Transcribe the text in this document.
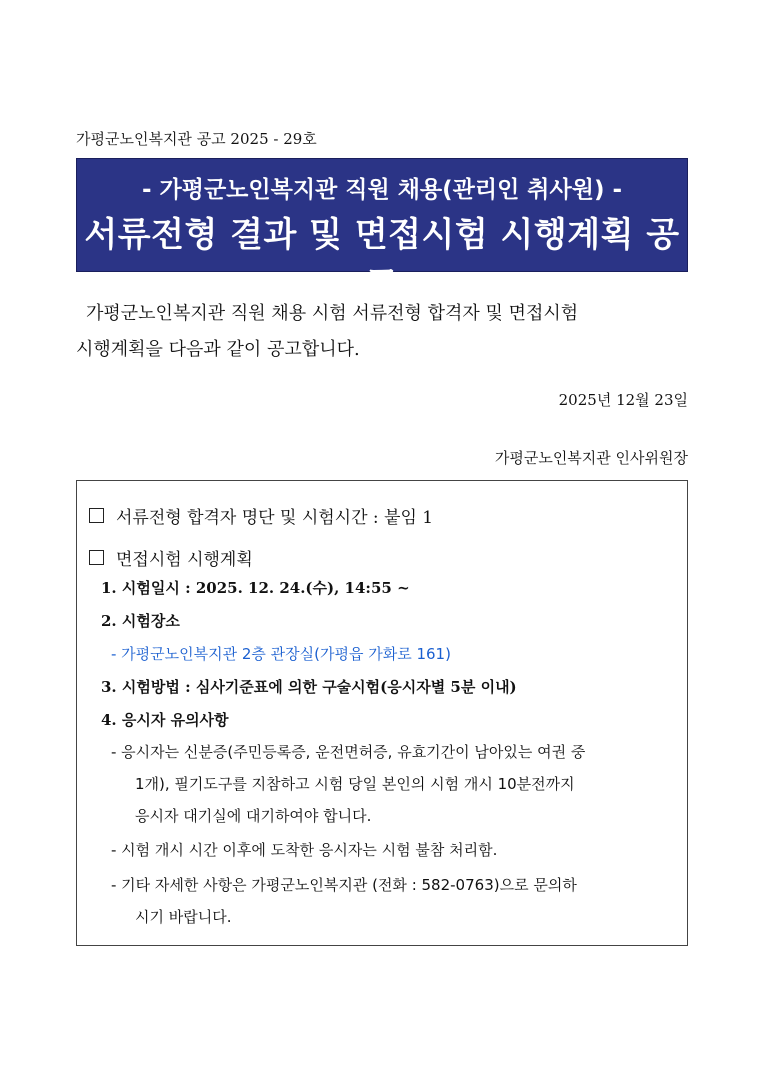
가평군노인복지관 공고 2025 - 29호
- 가평군노인복지관 직원 채용(관리인 취사원) -
서류전형 결과 및 면접시험 시행계획 공고

가평군노인복지관 직원 채용 시험 서류전형 합격자 및 면접시험

시행계획을 다음과 같이 공고합니다.

2025년 12월 23일
가평군노인복지관 인사위원장
서류전형 합격자 명단 및 시험시간 : 붙임 1
면접시험 시행계획
1. 시험일시 : 2025. 12. 24.(수), 14:55 ~
2. 시험장소
- 가평군노인복지관 2층 관장실(가평읍 가화로 161)
3. 시험방법 : 심사기준표에 의한 구술시험(응시자별 5분 이내)
4. 응시자 유의사항
- 응시자는 신분증(주민등록증, 운전면허증, 유효기간이 남아있는 여권 중
1개), 필기도구를 지참하고 시험 당일 본인의 시험 개시 10분전까지
응시자 대기실에 대기하여야 합니다.
- 시험 개시 시간 이후에 도착한 응시자는 시험 불참 처리함.
- 기타 자세한 사항은 가평군노인복지관 (전화 : 582-0763)으로 문의하
시기 바랍니다.
